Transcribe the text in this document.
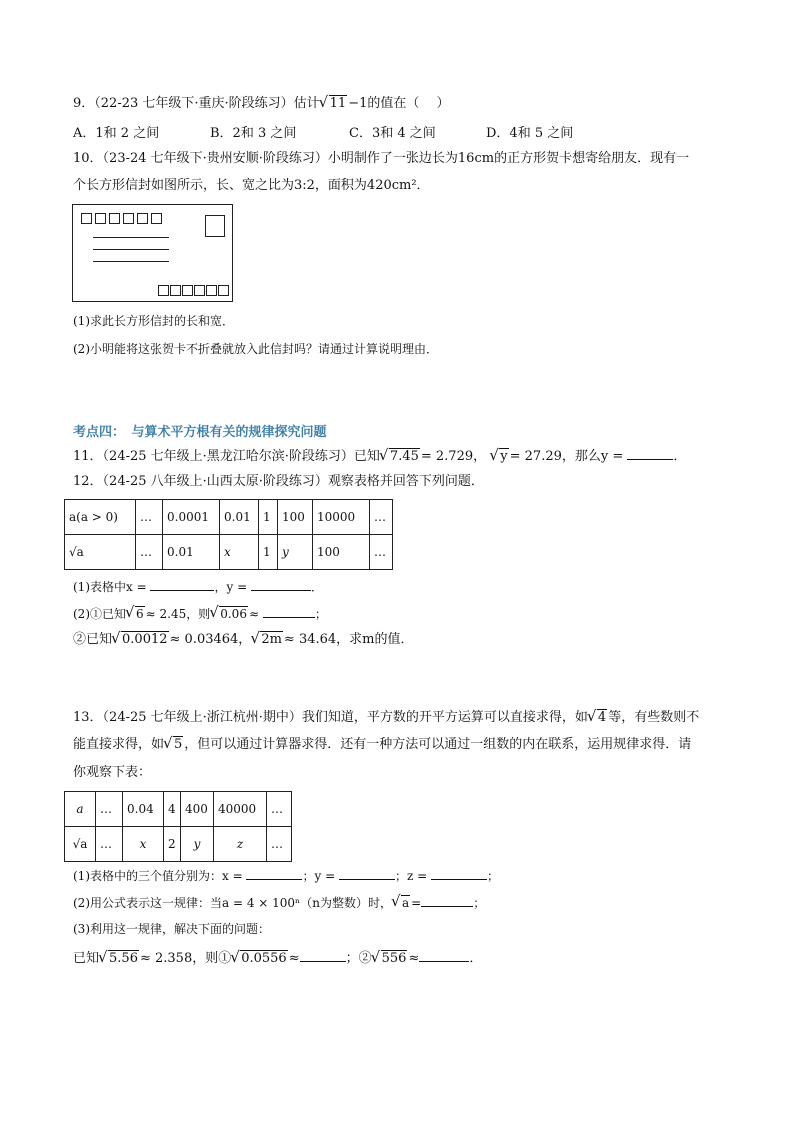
9．（22-23 七年级下·重庆·阶段练习）估计 √ 11 −1的值在（　 ）
A．1和 2 之间	B．2和 3 之间	C．3和 4 之间	D．4和 5 之间
10．（23-24 七年级下·贵州安顺·阶段练习）小明制作了一张边长为16cm的正方形贺卡想寄给朋友．现有一
个长方形信封如图所示，长、宽之比为3:2，面积为420cm²．
(1)求此长方形信封的长和宽．
(2)小明能将这张贺卡不折叠就放入此信封吗？请通过计算说明理由．
考点四：　与算术平方根有关的规律探究问题
11．（24-25 七年级上·黑龙江哈尔滨·阶段练习）已知 √ 7.45 = 2.729， √ y = 27.29，那么y =	．
12．（24-25 八年级上·山西太原·阶段练习）观察表格并回答下列问题．
a(a > 0)	…	0.0001	0.01	1	100	10000	…
√a	…	0.01	x	1	y	100	…
(1)表格中x =	，y =	．
(2)①已知 √ 6 ≈ 2.45，则 √ 0.06 ≈	；
②已知 √ 0.0012 ≈ 0.03464， √ 2m ≈ 34.64，求m的值．
13．（24-25 七年级上·浙江杭州·期中）我们知道，平方数的开平方运算可以直接求得，如 √ 4 等，有些数则不
能直接求得，如 √ 5 ，但可以通过计算器求得．还有一种方法可以通过一组数的内在联系，运用规律求得．请
你观察下表：
a	…	0.04	4	400	40000	…
√a	…	x	2	y	z	…
(1)表格中的三个值分别为：x =	；y =	；z =	；
(2)用公式表示这一规律：当a = 4 × 100ⁿ（n为整数）时， √ a =	；
(3)利用这一规律，解决下面的问题：
已知 √ 5.56 ≈ 2.358，则① √ 0.0556 ≈	；② √ 556 ≈	．
